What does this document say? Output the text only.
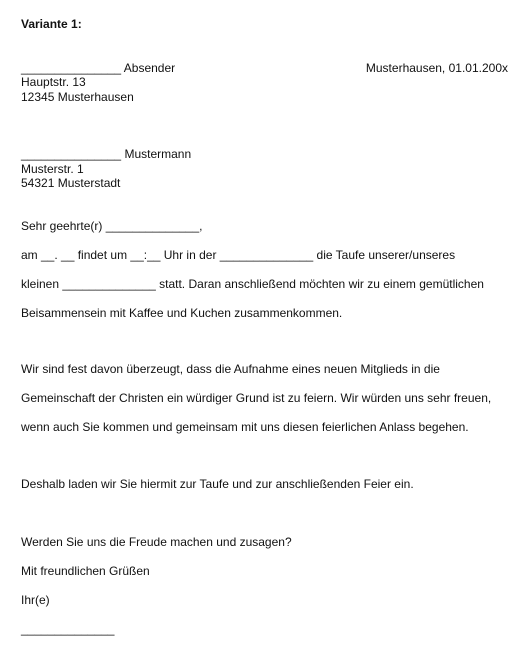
Variante 1:
_______________ Absender	Musterhausen, 01.01.200x
Hauptstr. 13
12345 Musterhausen
_______________ Mustermann
Musterstr. 1
54321 Musterstadt
Sehr geehrte(r) ______________,
am __. __ findet um __:__ Uhr in der ______________ die Taufe unserer/unseres
kleinen ______________ statt. Daran anschließend möchten wir zu einem gemütlichen
Beisammensein mit Kaffee und Kuchen zusammenkommen.
Wir sind fest davon überzeugt, dass die Aufnahme eines neuen Mitglieds in die
Gemeinschaft der Christen ein würdiger Grund ist zu feiern. Wir würden uns sehr freuen,
wenn auch Sie kommen und gemeinsam mit uns diesen feierlichen Anlass begehen.
Deshalb laden wir Sie hiermit zur Taufe und zur anschließenden Feier ein.
Werden Sie uns die Freude machen und zusagen?
Mit freundlichen Grüßen
Ihr(e)
______________
